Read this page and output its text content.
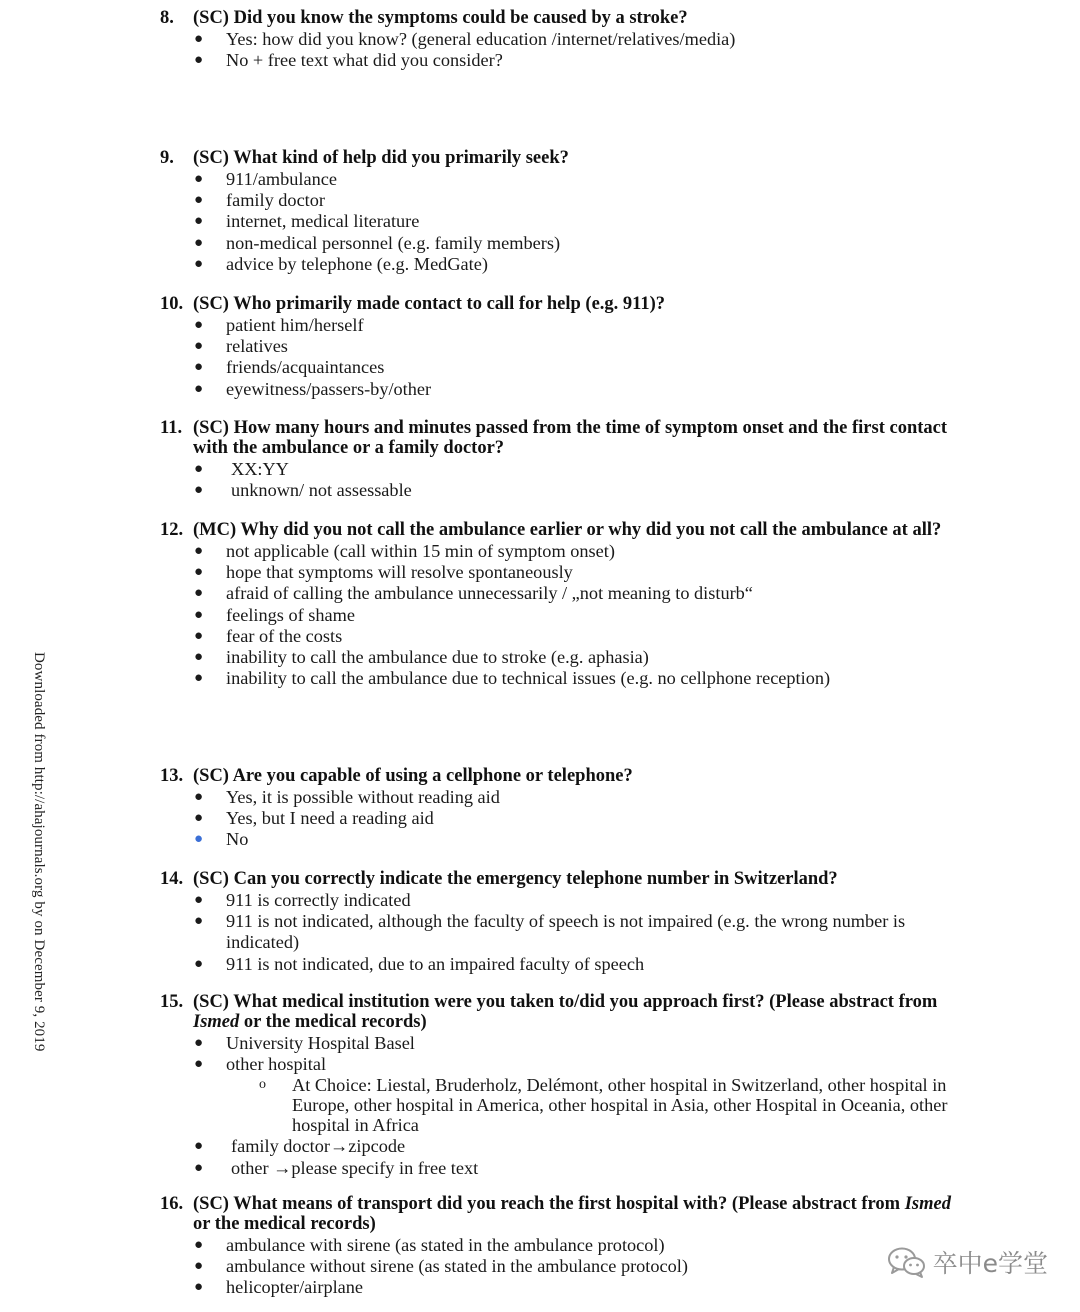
Downloaded from http://ahajournals.org by on December 9, 2019
8.	(SC) Did you know the symptoms could be caused by a stroke?
● Yes: how did you know? (general education /internet/relatives/media)
● No + free text what did you consider?
9.	(SC) What kind of help did you primarily seek?
● 911/ambulance
● family doctor
● internet, medical literature
● non-medical personnel (e.g. family members)
● advice by telephone (e.g. MedGate)
10. (SC) Who primarily made contact to call for help (e.g. 911)?
● patient him/herself
● relatives
● friends/acquaintances
● eyewitness/passers-by/other
11. (SC) How many hours and minutes passed from the time of symptom onset and the first contact with the ambulance or a family doctor?
● XX:YY
● unknown/ not assessable
12. (MC) Why did you not call the ambulance earlier or why did you not call the ambulance at all?
● not applicable (call within 15 min of symptom onset)
● hope that symptoms will resolve spontaneously
● afraid of calling the ambulance unnecessarily / „not meaning to disturb“
● feelings of shame
● fear of the costs
● inability to call the ambulance due to stroke (e.g. aphasia)
● inability to call the ambulance due to technical issues (e.g. no cellphone reception)
13. (SC) Are you capable of using a cellphone or telephone?
● Yes, it is possible without reading aid
● Yes, but I need a reading aid
● No
14. (SC) Can you correctly indicate the emergency telephone number in Switzerland?
● 911 is correctly indicated
● 911 is not indicated, although the faculty of speech is not impaired (e.g. the wrong number is indicated)
● 911 is not indicated, due to an impaired faculty of speech
15. (SC) What medical institution were you taken to/did you approach first? (Please abstract from Ismed or the medical records)
● University Hospital Basel
● other hospital
o At Choice: Liestal, Bruderholz, Delémont, other hospital in Switzerland, other hospital in Europe, other hospital in America, other hospital in Asia, other Hospital in Oceania, other hospital in Africa
● family doctor→zipcode
● other →please specify in free text
16. (SC) What means of transport did you reach the first hospital with? (Please abstract from Ismed or the medical records)
● ambulance with sirene (as stated in the ambulance protocol)
● ambulance without sirene (as stated in the ambulance protocol)
● helicopter/airplane
卒中e学堂
